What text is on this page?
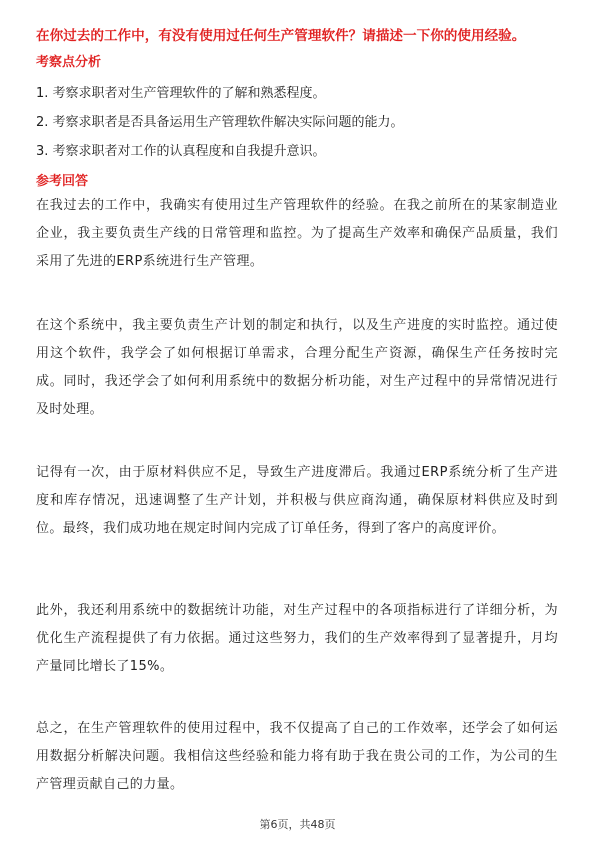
在你过去的工作中，有没有使用过任何生产管理软件？请描述一下你的使用经验。
考察点分析
1. 考察求职者对生产管理软件的了解和熟悉程度。
2. 考察求职者是否具备运用生产管理软件解决实际问题的能力。
3. 考察求职者对工作的认真程度和自我提升意识。
参考回答
在我过去的工作中，我确实有使用过生产管理软件的经验。在我之前所在的某家制造业企业，我主要负责生产线的日常管理和监控。为了提高生产效率和确保产品质量，我们采用了先进的ERP系统进行生产管理。
在这个系统中，我主要负责生产计划的制定和执行，以及生产进度的实时监控。通过使用这个软件，我学会了如何根据订单需求，合理分配生产资源，确保生产任务按时完成。同时，我还学会了如何利用系统中的数据分析功能，对生产过程中的异常情况进行及时处理。
记得有一次，由于原材料供应不足，导致生产进度滞后。我通过ERP系统分析了生产进度和库存情况，迅速调整了生产计划，并积极与供应商沟通，确保原材料供应及时到位。最终，我们成功地在规定时间内完成了订单任务，得到了客户的高度评价。
此外，我还利用系统中的数据统计功能，对生产过程中的各项指标进行了详细分析，为优化生产流程提供了有力依据。通过这些努力，我们的生产效率得到了显著提升，月均产量同比增长了15%。
总之，在生产管理软件的使用过程中，我不仅提高了自己的工作效率，还学会了如何运用数据分析解决问题。我相信这些经验和能力将有助于我在贵公司的工作，为公司的生产管理贡献自己的力量。
第6页，共48页
